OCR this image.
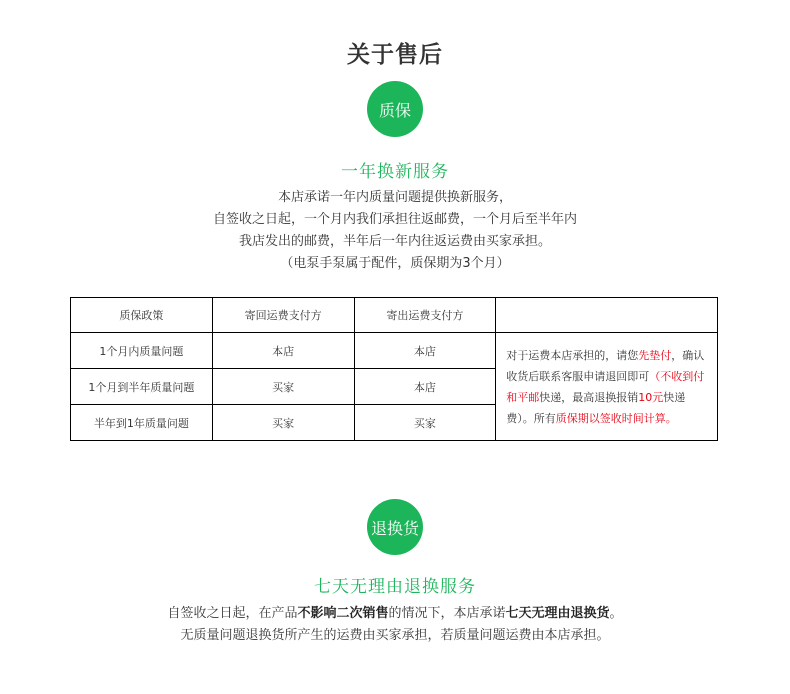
关于售后
质保
一年换新服务
本店承诺一年内质量问题提供换新服务，
自签收之日起，一个月内我们承担往返邮费，一个月后至半年内
我店发出的邮费，半年后一年内往返运费由买家承担。
（电泵手泵属于配件，质保期为3个月）
质保政策	寄回运费支付方	寄出运费支付方	
1个月内质量问题	本店	本店	对于运费本店承担的，请您先垫付，确认收货后联系客服申请退回即可（不收到付和平邮快递，最高退换报销10元快递费）。所有质保期以签收时间计算。
1个月到半年质量问题	买家	本店	
半年到1年质量问题	买家	买家	
退换货
七天无理由退换服务
自签收之日起，在产品不影响二次销售的情况下，本店承诺七天无理由退换货。
无质量问题退换货所产生的运费由买家承担，若质量问题运费由本店承担。
